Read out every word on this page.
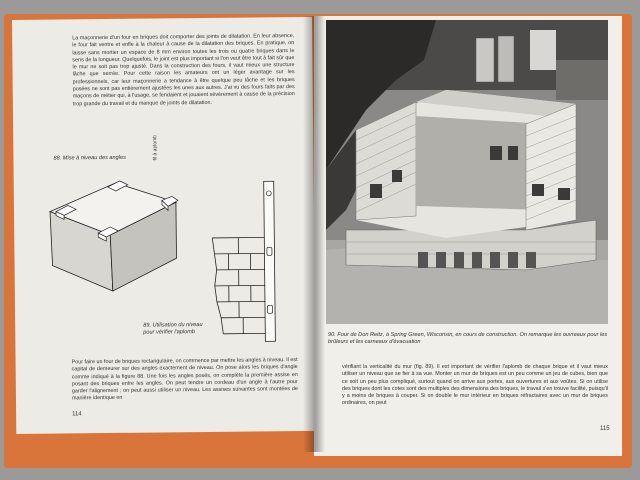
La maçonnerie d'un four en briques doit comporter des joints de dilatation. En leur absence, le four fait ventre et enfle à la chaleur à cause de la dilatation des briques. En pratique, on laisse sans mortier un espace de 8 mm environ toutes les trois ou quatre briques dans le sens de la longueur. Quelquefois, le joint est plus important si l'on veut être tout à fait sûr que le mur ne soit pas trop ajusté. Dans la construction des fours, il vaut mieux une structure lâche que serrée. Pour cette raison les amateurs ont un léger avantage sur les professionnels, car leur maçonnerie a tendance à être quelque peu lâche et les briques posées ne sont pas entièrement ajustées les unes aux autres. J'ai vu des fours faits par des maçons de métier qui, à l'usage, se fendaient et jouaient sévèrement à cause de la précision trop grande du travail et du manque de joints de dilatation.

88. Mise à niveau des angles	fil à aplomb

89. Utilisation du niveau pour vérifier l'aplomb

Pour faire un four de briques rectangulaire, on commence par mettre les angles à niveau. Il est capital de demeurer sur des angles exactement de niveau. On pose alors les briques d'angle comme indiqué à la figure 88. Une fois les angles posés, on complète la première assise en posant des briques entre les angles. On peut tendre un cordeau d'un angle à l'autre pour garder l'alignement ; on peut aussi utiliser un niveau. Les assises suivantes sont montées de manière identique en

114

90. Four de Don Reitz, à Spring Green, Wisconsin, en cours de construction. On remarque les ouvreaux pour les brûleurs et les carneaux d'évacuation

vérifiant la verticalité du mur (fig. 89). Il est important de vérifier l'aplomb de chaque brique et il vaut mieux utiliser un niveau que se fier à sa vue. Monter un mur de briques est un peu comme un jeu de cubes, bien que ce soit un peu plus compliqué, surtout quand on arrive aux portes, aux ouvertures et aux voûtes. Si on utilise des briques dont les cotes sont des multiples des dimensions des briques, le travail s'en trouve facilité, puisqu'il y a moins de briques à couper. Si on double le mur intérieur en briques réfractaires avec un mur de briques ordinaires, on peut

115
